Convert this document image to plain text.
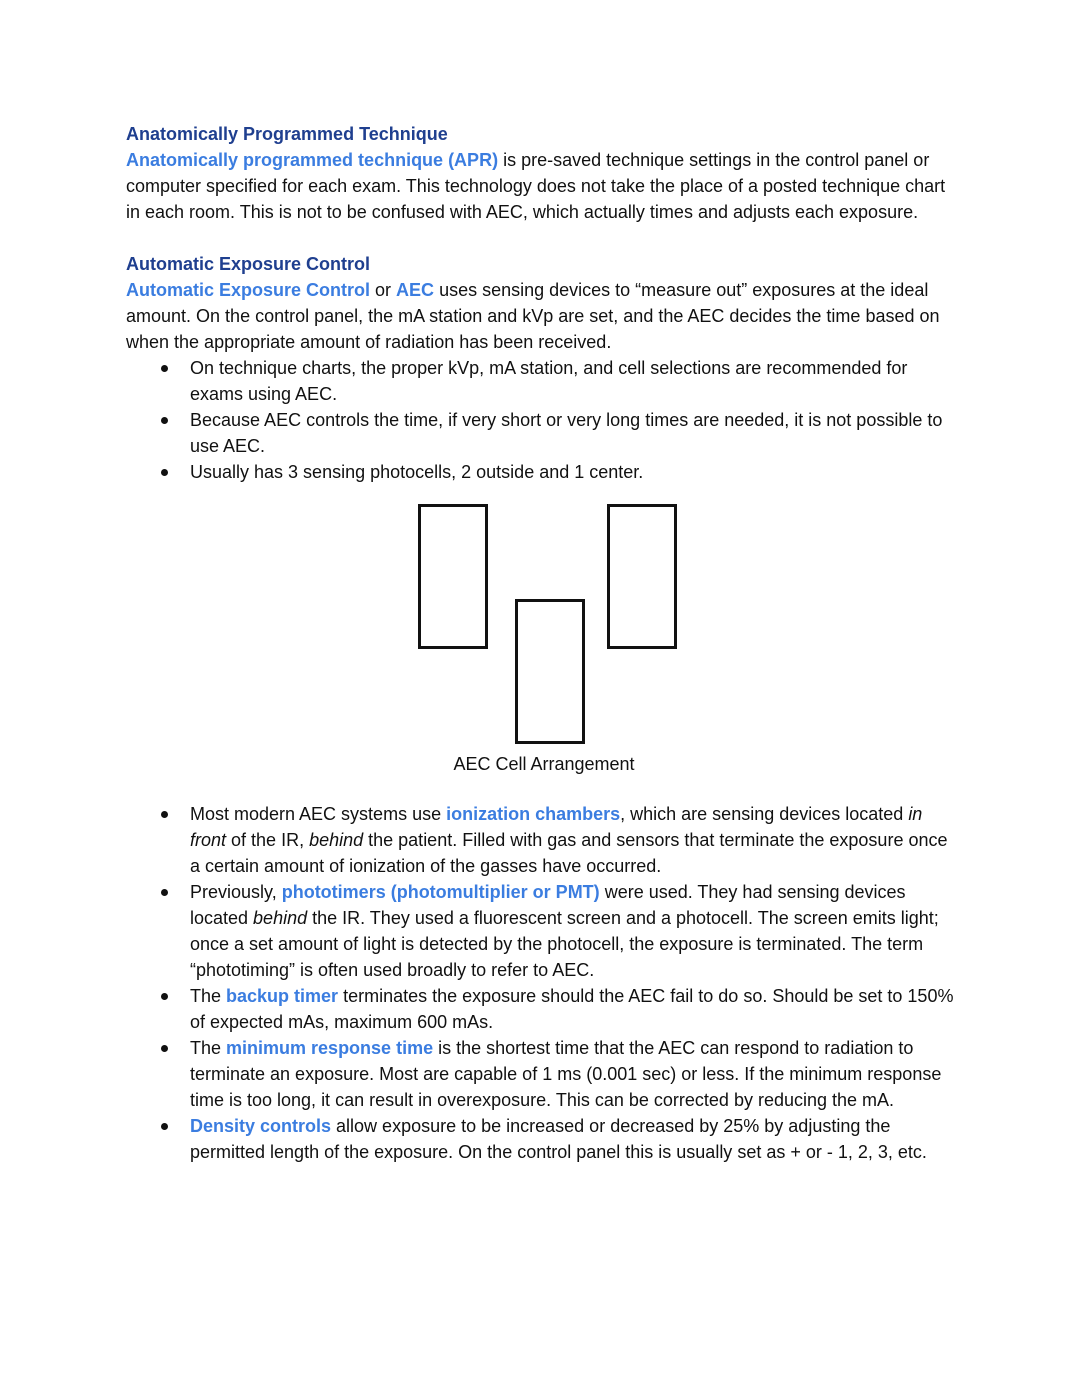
Anatomically Programmed Technique

Anatomically programmed technique (APR) is pre-saved technique settings in the control panel or computer specified for each exam. This technology does not take the place of a posted technique chart in each room. This is not to be confused with AEC, which actually times and adjusts each exposure.

Automatic Exposure Control

Automatic Exposure Control or AEC uses sensing devices to “measure out” exposures at the ideal amount. On the control panel, the mA station and kVp are set, and the AEC decides the time based on when the appropriate amount of radiation has been received.

On technique charts, the proper kVp, mA station, and cell selections are recommended for exams using AEC.
Because AEC controls the time, if very short or very long times are needed, it is not possible to use AEC.
Usually has 3 sensing photocells, 2 outside and 1 center.
AEC Cell Arrangement
Most modern AEC systems use ionization chambers, which are sensing devices located in front of the IR, behind the patient. Filled with gas and sensors that terminate the exposure once a certain amount of ionization of the gasses have occurred.
Previously, phototimers (photomultiplier or PMT) were used. They had sensing devices located behind the IR. They used a fluorescent screen and a photocell. The screen emits light; once a set amount of light is detected by the photocell, the exposure is terminated. The term “phototiming” is often used broadly to refer to AEC.
The backup timer terminates the exposure should the AEC fail to do so. Should be set to 150% of expected mAs, maximum 600 mAs.
The minimum response time is the shortest time that the AEC can respond to radiation to terminate an exposure. Most are capable of 1 ms (0.001 sec) or less. If the minimum response time is too long, it can result in overexposure. This can be corrected by reducing the mA.
Density controls allow exposure to be increased or decreased by 25% by adjusting the permitted length of the exposure. On the control panel this is usually set as + or - 1, 2, 3, etc.
